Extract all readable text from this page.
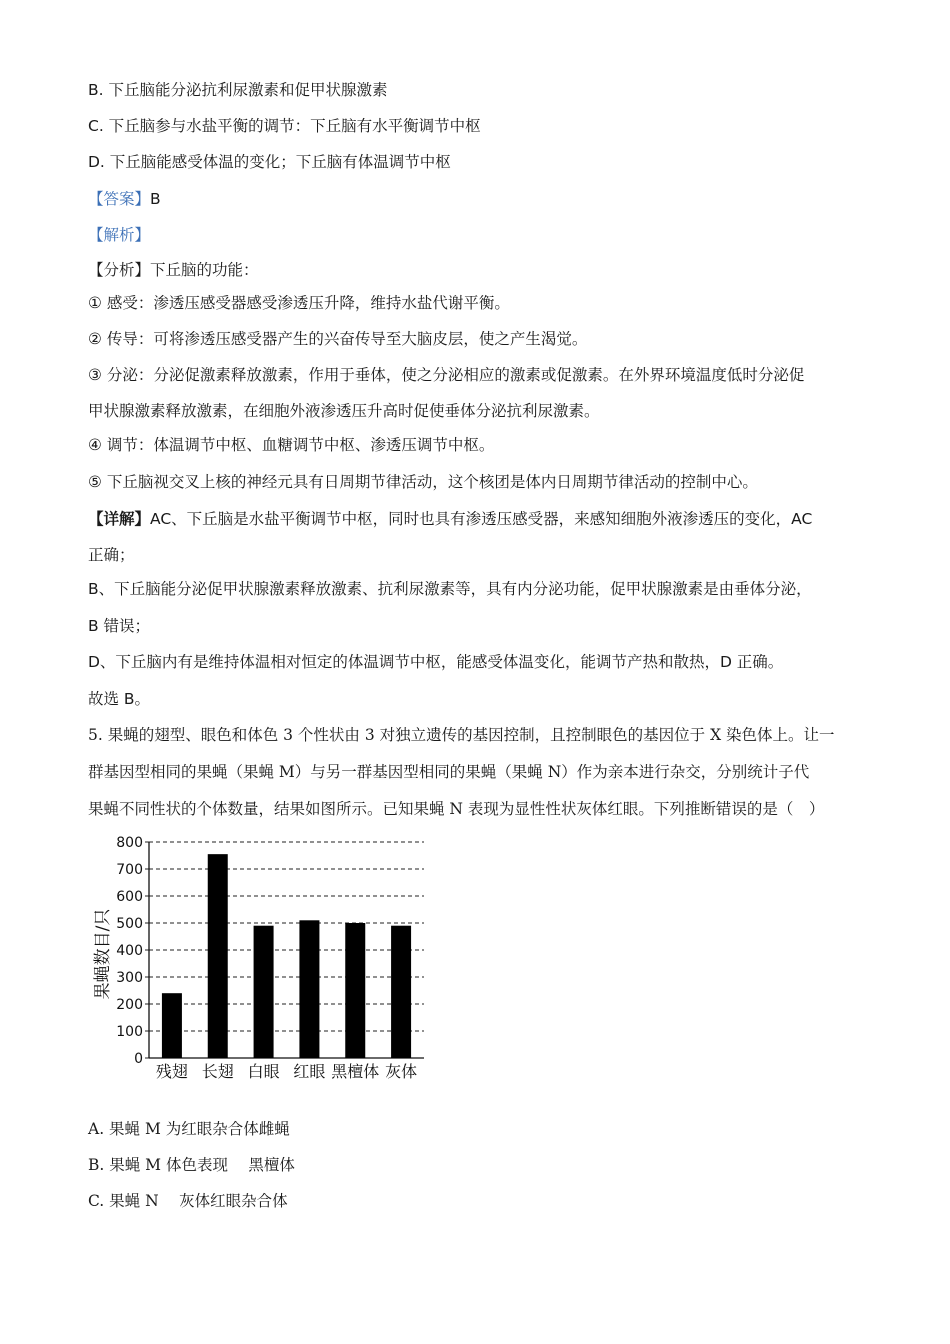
B. 下丘脑能分泌抗利尿激素和促甲状腺激素
C. 下丘脑参与水盐平衡的调节：下丘脑有水平衡调节中枢
D. 下丘脑能感受体温的变化；下丘脑有体温调节中枢
【答案】B
【解析】
【分析】下丘脑的功能：
① 感受：渗透压感受器感受渗透压升降，维持水盐代谢平衡。
② 传导：可将渗透压感受器产生的兴奋传导至大脑皮层，使之产生渴觉。
③ 分泌：分泌促激素释放激素，作用于垂体，使之分泌相应的激素或促激素。在外界环境温度低时分泌促
甲状腺激素释放激素，在细胞外液渗透压升高时促使垂体分泌抗利尿激素。
④ 调节：体温调节中枢、血糖调节中枢、渗透压调节中枢。
⑤ 下丘脑视交叉上核的神经元具有日周期节律活动，这个核团是体内日周期节律活动的控制中心。
【详解】AC、下丘脑是水盐平衡调节中枢，同时也具有渗透压感受器，来感知细胞外液渗透压的变化，AC
正确；
B、下丘脑能分泌促甲状腺激素释放激素、抗利尿激素等，具有内分泌功能，促甲状腺激素是由垂体分泌，
B 错误；
D、下丘脑内有是维持体温相对恒定的体温调节中枢，能感受体温变化，能调节产热和散热，D 正确。
故选 B。
5. 果蝇的翅型、眼色和体色 3 个性状由 3 对独立遗传的基因控制，且控制眼色的基因位于 X 染色体上。让一
群基因型相同的果蝇（果蝇 M）与另一群基因型相同的果蝇（果蝇 N）作为亲本进行杂交，分别统计子代
果蝇不同性状的个体数量，结果如图所示。已知果蝇 N 表现为显性性状灰体红眼。下列推断错误的是（　）
0
100
200
300
400
500
600
700
800
残翅 长翅 白眼 红眼 黑檀体 灰体
果蝇数目/只
A. 果蝇 M 为红眼杂合体雌蝇
B. 果蝇 M 体色表现　 黑檀体
C. 果蝇 N　 灰体红眼杂合体
